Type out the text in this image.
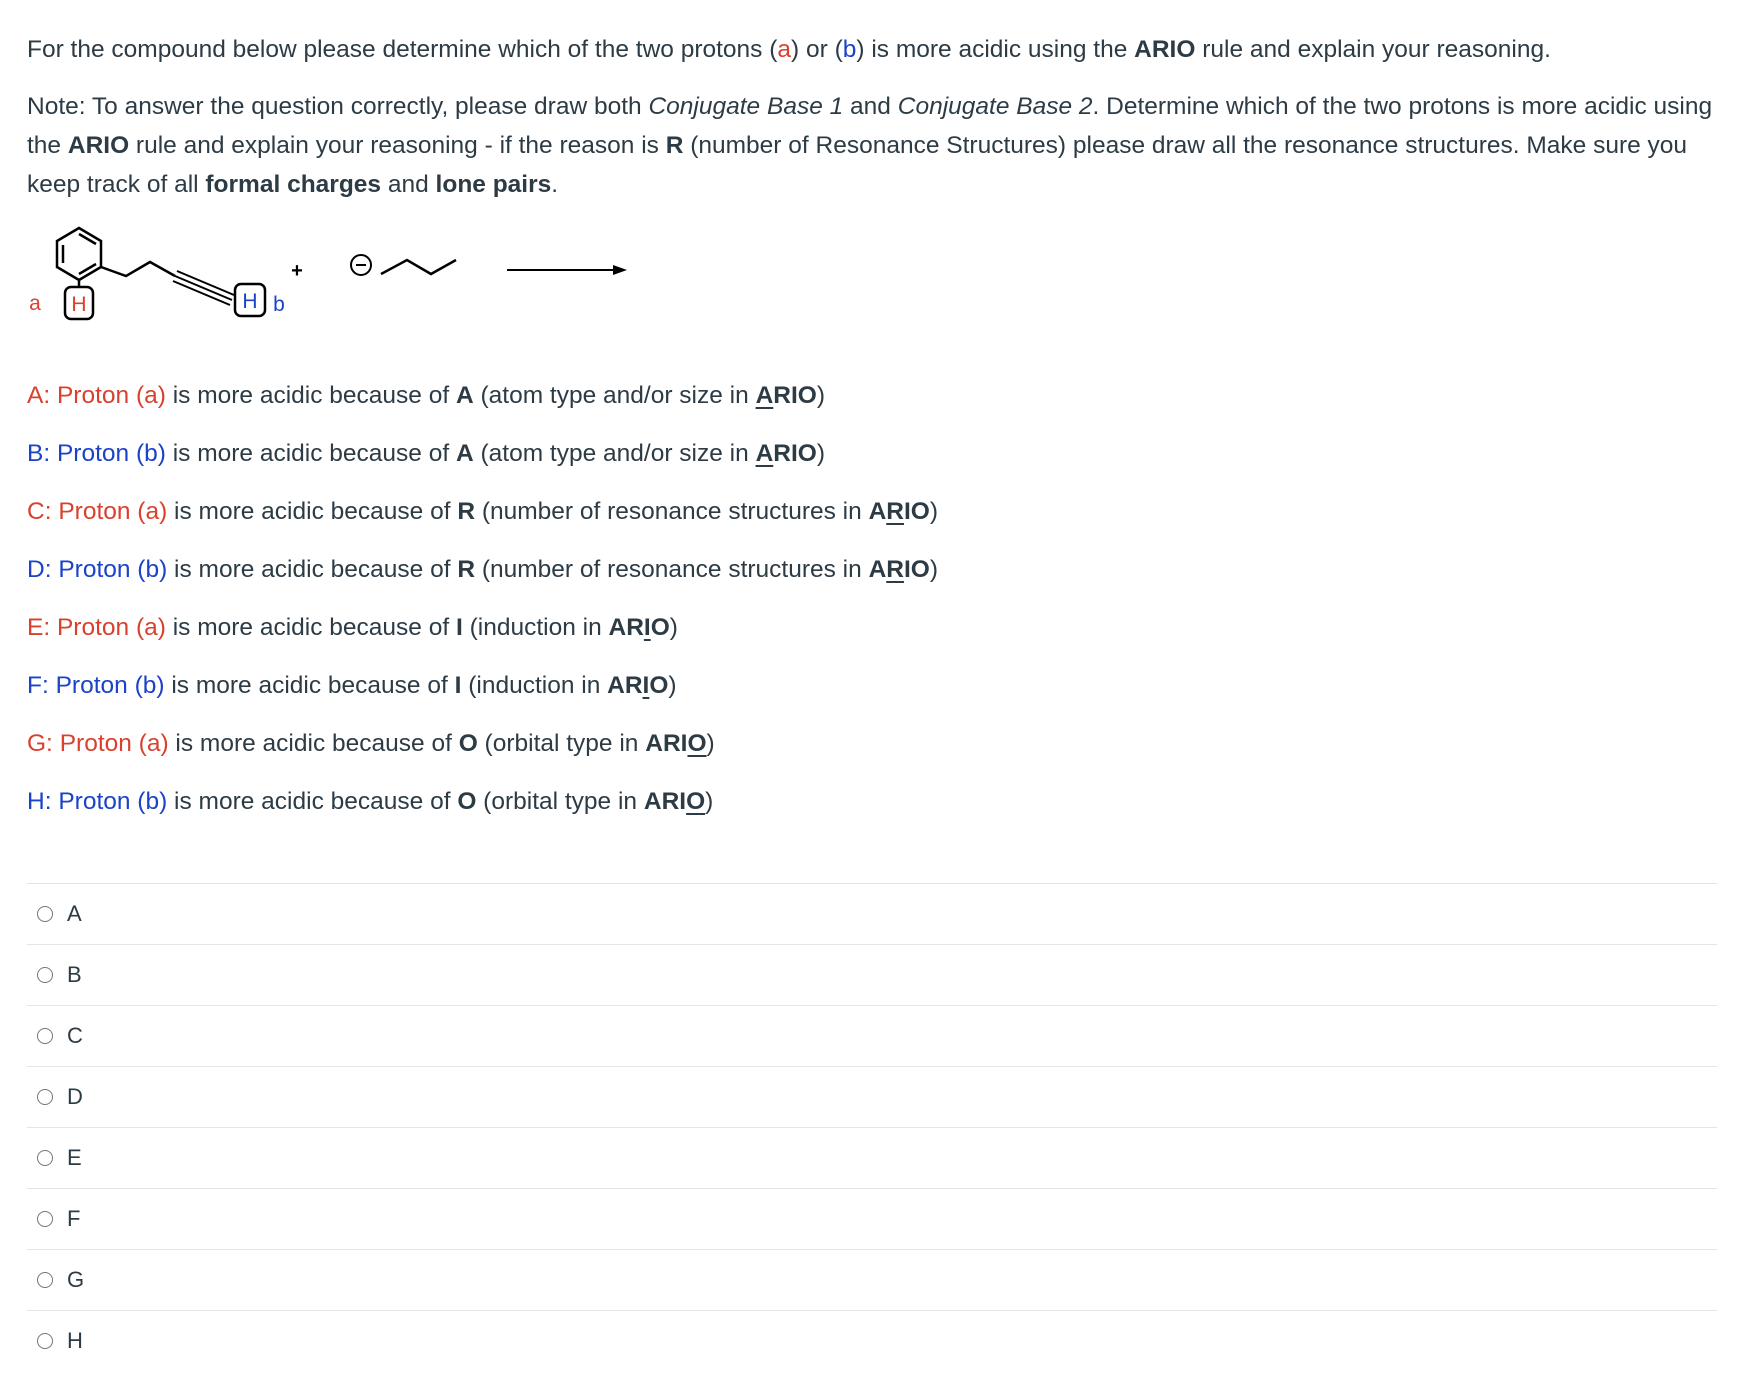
For the compound below please determine which of the two protons (a) or (b) is more acidic using the ARIO rule and explain your reasoning.

Note: To answer the question correctly, please draw both Conjugate Base 1 and Conjugate Base 2. Determine which of the two protons is more acidic using the ARIO rule and explain your reasoning - if the reason is R (number of Resonance Structures) please draw all the resonance structures. Make sure you keep track of all formal charges and lone pairs.

H
a	H b
+
A: Proton (a) is more acidic because of A (atom type and/or size in ARIO)
B: Proton (b) is more acidic because of A (atom type and/or size in ARIO)
C: Proton (a) is more acidic because of R (number of resonance structures in ARIO)
D: Proton (b) is more acidic because of R (number of resonance structures in ARIO)
E: Proton (a) is more acidic because of I (induction in ARIO)
F: Proton (b) is more acidic because of I (induction in ARIO)
G: Proton (a) is more acidic because of O (orbital type in ARIO)
H: Proton (b) is more acidic because of O (orbital type in ARIO)
A
B
C
D
E
F
G
H
